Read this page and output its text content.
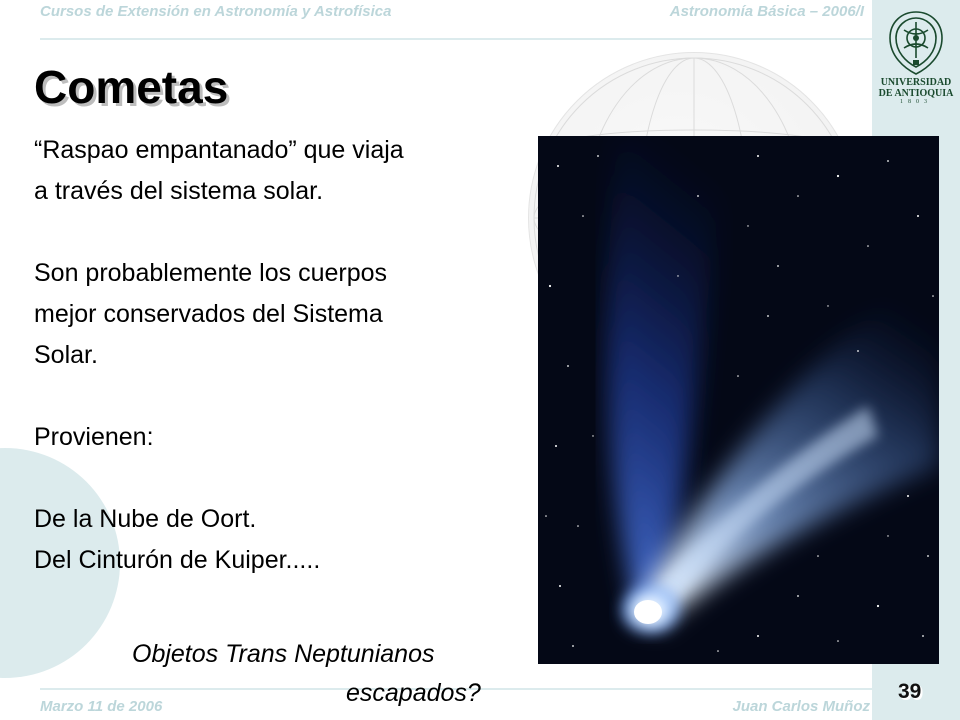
Cursos de Extensión en Astronomía y Astrofísica	Astronomía Básica – 2006/I
UNIVERSIDAD
DE ANTIOQUIA
1803
Cometas

“Raspao empantanado” que viaja

a través del sistema solar.

Son probablemente los cuerpos

mejor conservados del Sistema

Solar.

Provienen:

De la Nube de Oort.

Del Cinturón de Kuiper.....

Objetos Trans Neptunianos
escapados?
Marzo 11 de 2006	Juan Carlos Muñoz
39
